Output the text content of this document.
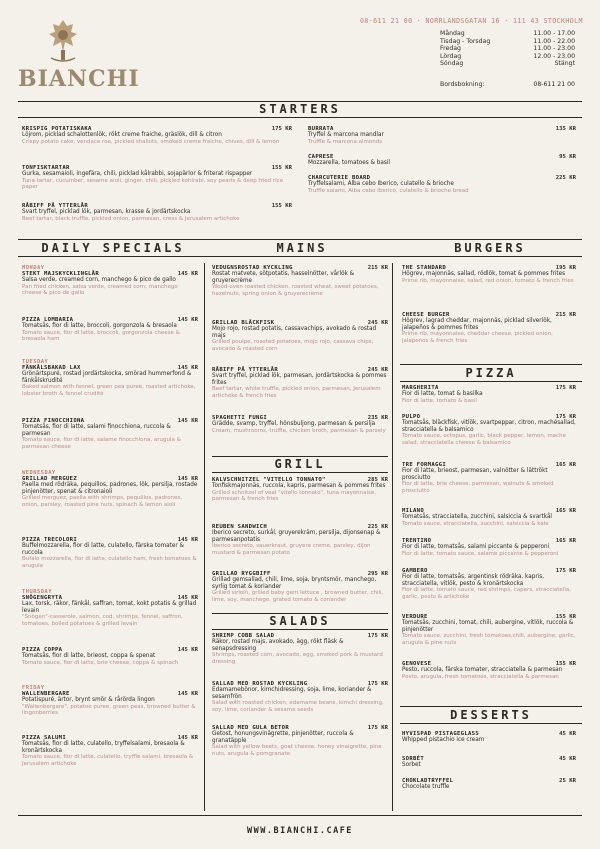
BIANCHI
08-611 21 00 · NORRLANDSGATAN 16 · 111 43 STOCKHOLM
Måndag	11.00 - 17.00
Tisdag - Torsdag	11.00 - 22.00
Fredag	11.00 - 23.00
Lördag	12.00 - 23.00
Söndag	Stängt
Bordsbokning:	08-611 21 00
STARTERS
DAILY SPECIALS	MAINS	BURGERS
PIZZA
GRILL
SALADS
DESSERTS
KRISPIG POTATISKAKA	175 KR
Löjrom, picklad schalottenlök, rökt creme fraiche, gräslök, dill & citron
Crispy potato cake, vendace roe, pickled shallots, smoked creme fraiche, chives, dill & lemon
TONFISKTARTAR	155 KR
Gurka, sesamaioli, ingefära, chili, picklad kålrabbi, sojapärlor & friterat rispapper
Tuna tartar, cucumber, sesame aioli, ginger, chili, pickled kohlrabi, soy pearls & deep fried rice paper
RÅBIFF PÅ YTTERLÅR	155 KR
Svart tryffel, picklad lök, parmesan, krasse & jordärtskocka
Beef tartar, black truffle, pickled onion, parmesan, cress & Jerusalem artichoke
BURRATA	135 KR
Tryffel & marcona mandlar
Truffle & marcona almonds
CAPRESE	95 KR
Mozzarella, tomatoes & basil
CHARCUTERIE BOARD	225 KR
Tryffelsalami, Alba cebo Iberico, culatello & brioche
Truffle salami, Alba cebo Iberico, culatello & brioche bread
MONDAY
STEKT MAJSKYCKLINGLÅR	145 KR
Salsa verde, creamed corn, manchego & pico de gallo
Pan fried chicken, salsa verde, creamed corn, manchego cheese & pico de gallo
PIZZA LOMBARIA	145 KR
Tomatsås, fior di latte, broccoli, gorgonzola & bresaola
Tomato sauce, fior di latte, broccoli, gorgonzola cheese & bresaola ham
TUESDAY
FÄNKÅLSBAKAD LAX	145 KR
Grönärtspuré, rostad jordärtskocka, smörad hummerfond & fänkålskrudité
Baked salmon with fennel, green pea puree, roasted artichoke, lobster broth & fennel crudité
PIZZA FINOCCHIONA	145 KR
Tomatsås, fior di latte, salami finocchiona, ruccola & parmesan
Tomato sauce, fior di latte, salame finocchiona, arugula & parmesan cheese
WEDNESDAY
GRILLAD MERGUEZ	145 KR
Paella med rödräka, pequillos, padrones, lök, persilja, rostade pinjenötter, spenat & citronaioli
Grilled merguez, paella with shrimps, pequillos, padrones, onion, parsley, roasted pine nuts, spinach & lemon aioli
PIZZA TRECOLORI	145 KR
Buffelmozzarella, fior di latte, culatello, färska tomater & ruccola
Bufalo mozzarella, fior di latte, culatello ham, fresh tomatoes & arugula
THURSDAY
SNÖGENGRYTA	145 KR
Lax, torsk, räkor, fänkål, saffran, tomat, kokt potatis & grillad levain
"Snögen"-casserole, salmon, cod, shrimps, fennel, saffron, tomatoes, boiled potatoes & grilled levain
PIZZA COPPA	145 KR
Tomatsås, fior di latte, brieost, coppa & spenat
Tomato sauce, fior di latte, brie cheese, coppa & spinach
FRIDAY
WALLENBERGARE	145 KR
Potatispuré, ärtor, brynt smör & rårörda lingon
"Wallenbergare", potatoe puree, green peas, browned butter & lingonberries
PIZZA SALUMI	145 KR
Tomatsås, fior di latte, culatello, tryffelsalami, bresaola & kronärtskocka
Tomato sauce, fior di latte, culatello, tryffle salami, bresaola & Jerusalem artichoke
VEDUGNSROSTAD KYCKLING	215 KR
Rostat matvete, sötpotatis, hasselnötter, vårlök & gruyerecrème
Wood-oven roasted chicken, roasted wheat, sweet potatoes, hazelnuts, spring onion & gruyerecrème
GRILLAD BLÄCKFISK	245 KR
Mojo rojo, rostad potatis, cassavachips, avokado & rostad majs
Grilled poulpe, roasted potatoes, mojo rojo, cassava chips, avocado & roasted corn
RÅBIFF PÅ YTTERLÅR	245 KR
Svart tryffel, picklad lök, parmesan, jordärtskocka & pommes frites
Beef tartar, white truffle, pickled onion, parmesan, Jerusalem artichoke & french fries
SPAGHETTI FUNGI	235 KR
Grädde, svamp, tryffel, hönsbuljong, parmesan & persilja
Cream, mushrooms, truffle, chicken broth, parmesan & parsely
KALVSCHNITZEL "VITELLO TONNATO"	285 KR
Tonfiskmajonnäs, ruccola, kapris, parmesan & pommes frites
Grilled schnitzel of veal "vitello tonnato", tuna mayonnaise, parmesan & french fries
REUBEN SANDWICH	225 KR
Iberico secreto, surkål, gruyerekräm, persilja, dijonsenap & parmesanpotatis
Iberico secreto, sauerkraut, gruyere creme, parsley, dijon mustard & parmesan potato
GRILLAD RYGGBIFF	295 KR
Grillad gemsallad, chili, lime, soja, bryntsmör, manchego, syrlig tomat & koriander
Grilled sirloin, grilled baby gem lettuce , browned butter, chili, lime, soy, manchego, grated tomato & coriander
SHRIMP COBB SALAD	175 KR
Räkor, rostad majs, avokado, ägg, rökt fläsk & senapsdressing
Shrimps, roasted corn, avocado, egg, smoked pork & mustard dressing
SALLAD MED ROSTAD KYCKLING	175 KR
Edamamebönor, kimchidressing, soja, lime, koriander & sesamfrön
Salad with roasted chicken, edamame beans, kimchi dressing, soy, lime, coriander & sesame seeds
SALLAD MED GULA BETOR	175 KR
Getost, honungsvinägrette, pinjenötter, ruccola & granatäpple
Salad with yellow beets, goat cheese, honey vinaigrette, pine nuts, arugula & pomgranate
THE STANDARD	195 KR
Högrev, majonnäs, sallad, rödlök, tomat & pommes frites
Prime rib, mayonnaise, salad, red onion, tomato & french fries
CHEESE BURGER	215 KR
Högrev, lagrad cheddar, majonnäs, picklad silverlök, jalapeños & pommes frites
Prime rib, mayonnaise, cheddar cheese, pickled onion, jalapeños & french fries
MARGHERITA	175 KR
Fior di latte, tomat & basilka
Fior di latte, tomato & basil
PULPO	175 KR
Tomatsås, bläckfisk, vitlök, svartpeppar, citron, machésallad, stracciatella & balsamico
Tomato sauce, octopus, garlic, black pepper, lemon, mache salad, stracciatella cheese & balsamico
TRE FORMAGGI	165 KR
Fior di latte, brieost, parmesan, valnötter & lättrökt prosciutto
Fior di latte, brie cheese, parmesan, walnuts & smoked prosciutto
MILANO	165 KR
Tomatsås, stracciatella, zucchini, salsiccia & svartkål
Tomato sauce, stracciatella, zucchini, salsiccia & kale
TRENTINO	165 KR
Fior di latte, tomatsås, salami piccante & pepperoni
Fior di latte, tomato sauce, salame piccante & pepperoni
GAMBERO	175 KR
Fior di latte, tomatsås, argentinsk rödräka, kapris, stracciatella, vitlök, pesto & kronärtskocka
Fior di latte, tomato sauce, red shrimps, capers, stracciatella, garlic, pesto & artichoke
VERDURE	155 KR
Tomatsås, zucchini, tomat, chili, aubergine, vitlök, ruccola & pinjenötter
Tomato sauce, zucchini, fresh tomatoes,chili, aubergine, garlic, arugula & pine nuts
GENOVESE	155 KR
Pesto, ruccola, färska tomater, stracciatella & parmesan
Pesto, arugula, fresh tomatoes, stracciatella & parmesan
HYVISPAD PISTAGEGLASS	45 KR
Whipped pistachio ice cream
SORBÉT	45 KR
Sorbet
CHOKLADTRYFFEL	25 KR
Chocolate truffle
WWW.BIANCHI.CAFE
